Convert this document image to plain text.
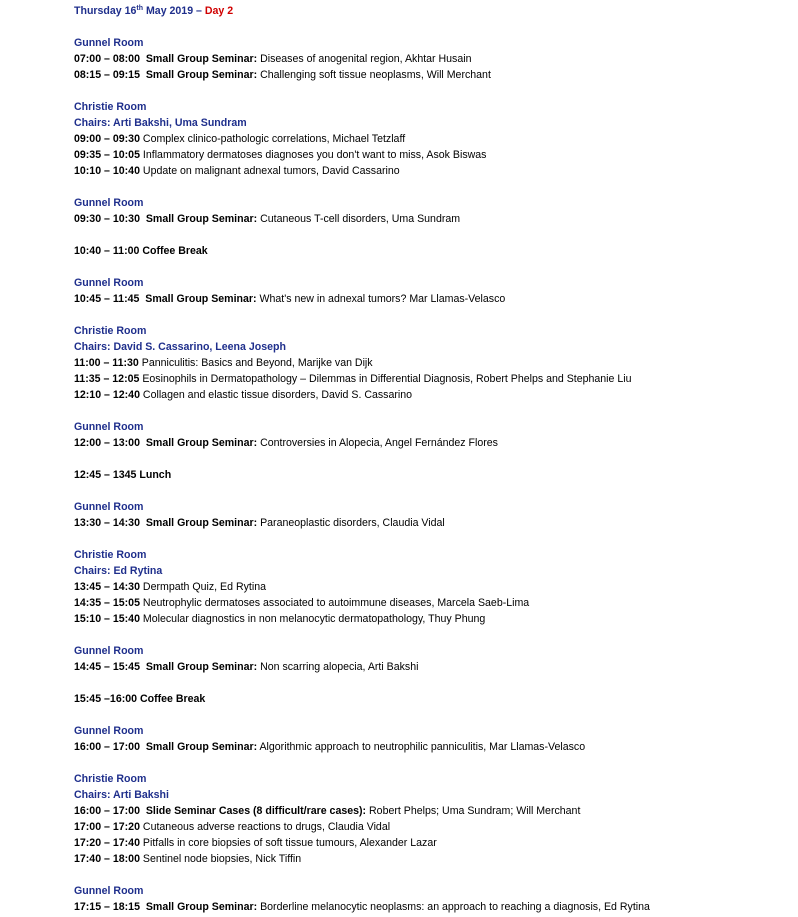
Thursday 16th May 2019 – Day 2
Gunnel Room
07:00 – 08:00 Small Group Seminar: Diseases of anogenital region, Akhtar Husain
08:15 – 09:15 Small Group Seminar: Challenging soft tissue neoplasms, Will Merchant
Christie Room
Chairs: Arti Bakshi, Uma Sundram
09:00 – 09:30 Complex clinico-pathologic correlations, Michael Tetzlaff
09:35 – 10:05 Inflammatory dermatoses diagnoses you don't want to miss, Asok Biswas
10:10 – 10:40 Update on malignant adnexal tumors, David Cassarino
Gunnel Room
09:30 – 10:30 Small Group Seminar: Cutaneous T-cell disorders, Uma Sundram
10:40 – 11:00 Coffee Break
Gunnel Room
10:45 – 11:45 Small Group Seminar: What's new in adnexal tumors? Mar Llamas-Velasco
Christie Room
Chairs: David S. Cassarino, Leena Joseph
11:00 – 11:30 Panniculitis: Basics and Beyond, Marijke van Dijk
11:35 – 12:05 Eosinophils in Dermatopathology – Dilemmas in Differential Diagnosis, Robert Phelps and Stephanie Liu
12:10 – 12:40 Collagen and elastic tissue disorders, David S. Cassarino
Gunnel Room
12:00 – 13:00 Small Group Seminar: Controversies in Alopecia, Angel Fernández Flores
12:45 – 1345 Lunch
Gunnel Room
13:30 – 14:30 Small Group Seminar: Paraneoplastic disorders, Claudia Vidal
Christie Room
Chairs: Ed Rytina
13:45 – 14:30 Dermpath Quiz, Ed Rytina
14:35 – 15:05 Neutrophylic dermatoses associated to autoimmune diseases, Marcela Saeb-Lima
15:10 – 15:40 Molecular diagnostics in non melanocytic dermatopathology, Thuy Phung
Gunnel Room
14:45 – 15:45 Small Group Seminar: Non scarring alopecia, Arti Bakshi
15:45 –16:00 Coffee Break
Gunnel Room
16:00 – 17:00 Small Group Seminar: Algorithmic approach to neutrophilic panniculitis, Mar Llamas-Velasco
Christie Room
Chairs: Arti Bakshi
16:00 – 17:00 Slide Seminar Cases (8 difficult/rare cases): Robert Phelps; Uma Sundram; Will Merchant
17:00 – 17:20 Cutaneous adverse reactions to drugs, Claudia Vidal
17:20 – 17:40 Pitfalls in core biopsies of soft tissue tumours, Alexander Lazar
17:40 – 18:00 Sentinel node biopsies, Nick Tiffin
Gunnel Room
17:15 – 18:15 Small Group Seminar: Borderline melanocytic neoplasms: an approach to reaching a diagnosis, Ed Rytina
